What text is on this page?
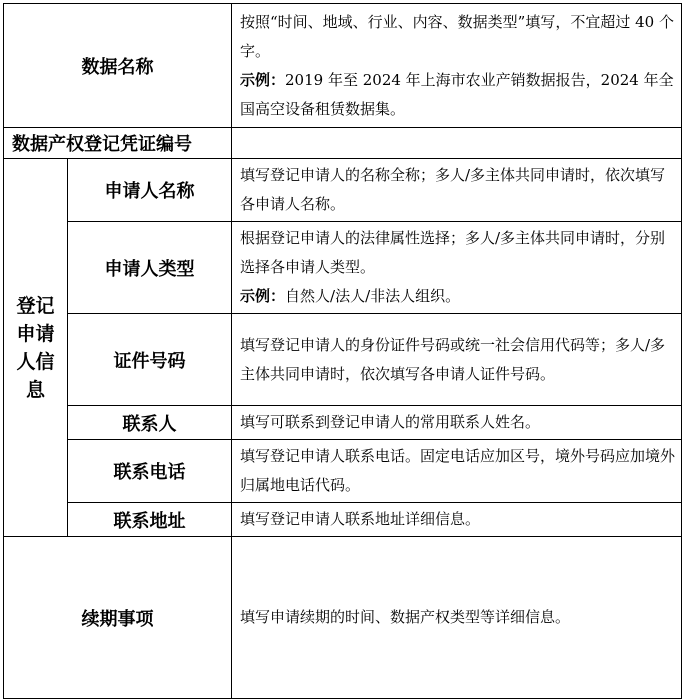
数据名称		按照“时间、地域、行业、内容、数据类型”填写，不宜超过 40 个字。

示例：2019 年至 2024 年上海市农业产销数据报告，2024 年全国高空设备租赁数据集。

数据产权登记凭证编号		
登记申请人信息	申请人名称	填写登记申请人的名称全称；多人/多主体共同申请时，依次填写各申请人名称。
	申请人类型	根据登记申请人的法律属性选择；多人/多主体共同申请时，分别选择各申请人类型。

示例：自然人/法人/非法人组织。

	证件号码	填写登记申请人的身份证件号码或统一社会信用代码等；多人/多主体共同申请时，依次填写各申请人证件号码。
	联系人	填写可联系到登记申请人的常用联系人姓名。
	联系电话	填写登记申请人联系电话。固定电话应加区号，境外号码应加境外归属地电话代码。
	联系地址	填写登记申请人联系地址详细信息。
续期事项		填写申请续期的时间、数据产权类型等详细信息。
